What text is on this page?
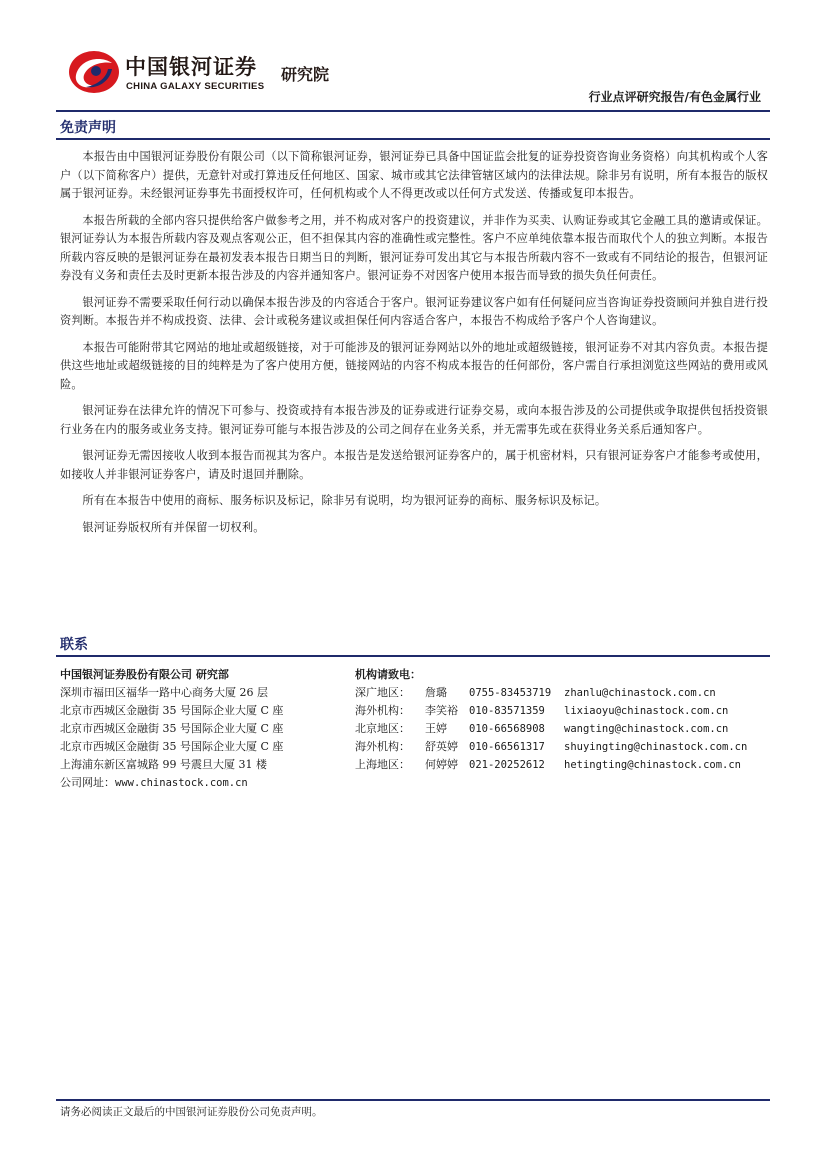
中国银河证券
CHINA GALAXY SECURITIES
研究院
行业点评研究报告/有色金属行业
免责声明

本报告由中国银河证券股份有限公司（以下简称银河证券，银河证券已具备中国证监会批复的证券投资咨询业务资格）向其机构或个人客户（以下简称客户）提供，无意针对或打算违反任何地区、国家、城市或其它法律管辖区域内的法律法规。除非另有说明，所有本报告的版权属于银河证券。未经银河证券事先书面授权许可，任何机构或个人不得更改或以任何方式发送、传播或复印本报告。

本报告所载的全部内容只提供给客户做参考之用，并不构成对客户的投资建议，并非作为买卖、认购证券或其它金融工具的邀请或保证。银河证券认为本报告所载内容及观点客观公正，但不担保其内容的准确性或完整性。客户不应单纯依靠本报告而取代个人的独立判断。本报告所载内容反映的是银河证券在最初发表本报告日期当日的判断，银河证券可发出其它与本报告所载内容不一致或有不同结论的报告，但银河证券没有义务和责任去及时更新本报告涉及的内容并通知客户。银河证券不对因客户使用本报告而导致的损失负任何责任。

银河证券不需要采取任何行动以确保本报告涉及的内容适合于客户。银河证券建议客户如有任何疑问应当咨询证券投资顾问并独自进行投资判断。本报告并不构成投资、法律、会计或税务建议或担保任何内容适合客户，本报告不构成给予客户个人咨询建议。

本报告可能附带其它网站的地址或超级链接，对于可能涉及的银河证券网站以外的地址或超级链接，银河证券不对其内容负责。本报告提供这些地址或超级链接的目的纯粹是为了客户使用方便，链接网站的内容不构成本报告的任何部份，客户需自行承担浏览这些网站的费用或风险。

银河证券在法律允许的情况下可参与、投资或持有本报告涉及的证券或进行证券交易，或向本报告涉及的公司提供或争取提供包括投资银行业务在内的服务或业务支持。银河证券可能与本报告涉及的公司之间存在业务关系，并无需事先或在获得业务关系后通知客户。

银河证券无需因接收人收到本报告而视其为客户。本报告是发送给银河证券客户的，属于机密材料，只有银河证券客户才能参考或使用，如接收人并非银河证券客户，请及时退回并删除。

所有在本报告中使用的商标、服务标识及标记，除非另有说明，均为银河证券的商标、服务标识及标记。

银河证券版权所有并保留一切权利。

联系
中国银河证券股份有限公司 研究部
深圳市福田区福华一路中心商务大厦 26 层
北京市西城区金融街 35 号国际企业大厦 C 座
北京市西城区金融街 35 号国际企业大厦 C 座
北京市西城区金融街 35 号国际企业大厦 C 座
上海浦东新区富城路 99 号震旦大厦 31 楼
公司网址：www.chinastock.com.cn
机构请致电：
深广地区： 詹璐 0755-83453719 zhanlu@chinastock.com.cn
海外机构： 李笑裕 010-83571359 lixiaoyu@chinastock.com.cn
北京地区： 王婷 010-66568908 wangting@chinastock.com.cn
海外机构： 舒英婷 010-66561317 shuyingting@chinastock.com.cn
上海地区： 何婷婷 021-20252612 hetingting@chinastock.com.cn
请务必阅读正文最后的中国银河证券股份公司免责声明。
